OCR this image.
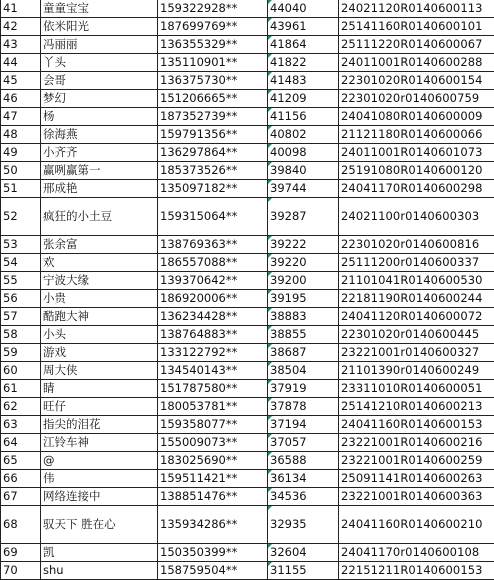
41	童童宝宝	159322928**	44040	24021120R0140600113
42	依米阳光	187699769**	43961	25141160R0140600101
43	冯丽丽	136355329**	41864	25111220R0140600067
44	丫头	135110901**	41822	24011001R0140600288
45	会哥	136375730**	41483	22301020R0140600154
46	梦幻	151206665**	41209	22301020r0140600759
47	杨	187352739**	41156	24041080R0140600009
48	徐海燕	159791356**	40802	21121180R0140600066
49	小齐齐	136297864**	40098	24011001R0140601073
50	赢咧赢第一	185373526**	39840	25191080R0140600120
51	邢成艳	135097182**	39744	24041170R0140600298
52	疯狂的小土豆	159315064**	39287	24021100r0140600303
53	张余富	138769363**	39222	22301020r0140600816
54	欢	186557088**	39220	25111200r0140600337
55	宁波大缘	139370642**	39200	21101041R0140600530
56	小贵	186920006**	39195	22181190R0140600244
57	酷跑大神	136234428**	38883	24041120R0140600072
58	小头	138764883**	38855	22301020r0140600445
59	游戏	133122792**	38687	23221001r0140600327
60	周大侠	134540143**	38504	21101390r0140600249
61	睛	151787580**	37919	23311010R0140600051
62	旺仔	180053781**	37878	25141210R0140600213
63	指尖的泪花	159358077**	37194	24041160R0140600153
64	江铃车神	155009073**	37057	23221001R0140600216
65	@	183025690**	36588	23221001R0140600259
66	伟	159511421**	36134	25091141R0140600263
67	网络连接中	138851476**	34536	23221001R0140600363
68	驭天下 胜在心	135934286**	32935	24041160R0140600210
69	凯	150350399**	32604	24041170r0140600108
70	shu	158759504**	31155	22151211R0140600153
